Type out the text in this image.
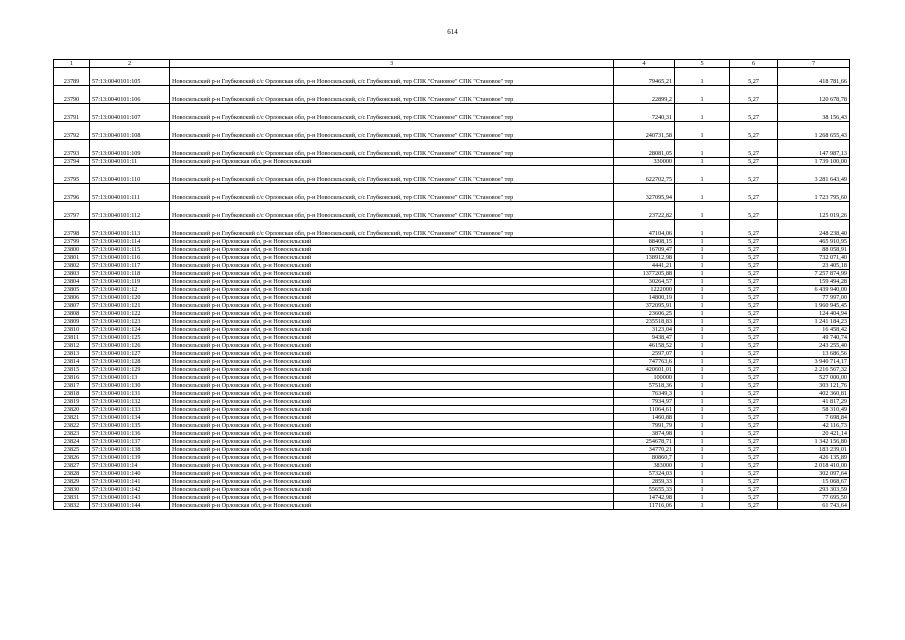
614
1	2	3	4	5	6	7
23789	57:13:0040101:105	Новосильский р-н Глубковский с/с Орловская обл, р-н Новосильский, с/с Глубковский, тер СПК "Становое" СПК "Становое" тер	79465,21	1	5,27	418 781,66
23790	57:13:0040101:106	Новосильский р-н Глубковский с/с Орловская обл, р-н Новосильский, с/с Глубковский, тер СПК "Становое" СПК "Становое" тер	22899,2	1	5,27	120 678,78
23791	57:13:0040101:107	Новосильский р-н Глубковский с/с Орловская обл, р-н Новосильский, с/с Глубковский, тер СПК "Становое" СПК "Становое" тер	7240,31	1	5,27	38 156,43
23792	57:13:0040101:108	Новосильский р-н Глубковский с/с Орловская обл, р-н Новосильский, с/с Глубковский, тер СПК "Становое" СПК "Становое" тер	240731,58	1	5,27	1 268 655,43
23793	57:13:0040101:109	Новосильский р-н Глубковский с/с Орловская обл, р-н Новосильский, с/с Глубковский, тер СПК "Становое" СПК "Становое" тер	28081,05	1	5,27	147 987,13
23794	57:13:0040101:11	Новосильский р-н Орловская обл, р-н Новосильский	330000	1	5,27	1 739 100,00
23795	57:13:0040101:110	Новосильский р-н Глубковский с/с Орловская обл, р-н Новосильский, с/с Глубковский, тер СПК "Становое" СПК "Становое" тер	622702,75	1	5,27	3 281 643,49
23796	57:13:0040101:111	Новосильский р-н Глубковский с/с Орловская обл, р-н Новосильский, с/с Глубковский, тер СПК "Становое" СПК "Становое" тер	327095,94	1	5,27	1 723 795,60
23797	57:13:0040101:112	Новосильский р-н Глубковский с/с Орловская обл, р-н Новосильский, с/с Глубковский, тер СПК "Становое" СПК "Становое" тер	23722,82	1	5,27	125 019,26
23798	57:13:0040101:113	Новосильский р-н Глубковский с/с Орловская обл, р-н Новосильский, с/с Глубковский, тер СПК "Становое" СПК "Становое" тер	47104,06	1	5,27	248 238,40
23799	57:13:0040101:114	Новосильский р-н Орловская обл, р-н Новосильский	88408,15	1	5,27	465 910,95
23800	57:13:0040101:115	Новосильский р-н Орловская обл, р-н Новосильский	16709,47	1	5,27	88 058,91
23801	57:13:0040101:116	Новосильский р-н Орловская обл, р-н Новосильский	138912,98	1	5,27	732 071,40
23802	57:13:0040101:117	Новосильский р-н Орловская обл, р-н Новосильский	4441,21	1	5,27	23 405,18
23803	57:13:0040101:118	Новосильский р-н Орловская обл, р-н Новосильский	1377205,88	1	5,27	7 257 874,99
23804	57:13:0040101:119	Новосильский р-н Орловская обл, р-н Новосильский	30264,57	1	5,27	159 494,28
23805	57:13:0040101:12	Новосильский р-н Орловская обл, р-н Новосильский	1222000	1	5,27	6 439 940,00
23806	57:13:0040101:120	Новосильский р-н Орловская обл, р-н Новосильский	14800,19	1	5,27	77 997,00
23807	57:13:0040101:121	Новосильский р-н Орловская обл, р-н Новосильский	372095,91	1	5,27	1 960 945,45
23808	57:13:0040101:122	Новосильский р-н Орловская обл, р-н Новосильский	23606,25	1	5,27	124 404,94
23809	57:13:0040101:123	Новосильский р-н Орловская обл, р-н Новосильский	235518,83	1	5,27	1 241 184,23
23810	57:13:0040101:124	Новосильский р-н Орловская обл, р-н Новосильский	3123,04	1	5,27	16 458,42
23811	57:13:0040101:125	Новосильский р-н Орловская обл, р-н Новосильский	9438,47	1	5,27	49 740,74
23812	57:13:0040101:126	Новосильский р-н Орловская обл, р-н Новосильский	46158,52	1	5,27	243 255,40
23813	57:13:0040101:127	Новосильский р-н Орловская обл, р-н Новосильский	2597,07	1	5,27	13 686,56
23814	57:13:0040101:128	Новосильский р-н Орловская обл, р-н Новосильский	747763,6	1	5,27	3 940 714,17
23815	57:13:0040101:129	Новосильский р-н Орловская обл, р-н Новосильский	420601,01	1	5,27	2 216 567,32
23816	57:13:0040101:13	Новосильский р-н Орловская обл, р-н Новосильский	100000	1	5,27	527 000,00
23817	57:13:0040101:130	Новосильский р-н Орловская обл, р-н Новосильский	57518,36	1	5,27	303 121,76
23818	57:13:0040101:131	Новосильский р-н Орловская обл, р-н Новосильский	76349,3	1	5,27	402 360,81
23819	57:13:0040101:132	Новосильский р-н Орловская обл, р-н Новосильский	7934,97	1	5,27	41 817,29
23820	57:13:0040101:133	Новосильский р-н Орловская обл, р-н Новосильский	11064,61	1	5,27	58 310,49
23821	57:13:0040101:134	Новосильский р-н Орловская обл, р-н Новосильский	1460,88	1	5,27	7 698,84
23822	57:13:0040101:135	Новосильский р-н Орловская обл, р-н Новосильский	7991,79	1	5,27	42 116,73
23823	57:13:0040101:136	Новосильский р-н Орловская обл, р-н Новосильский	3874,98	1	5,27	20 421,14
23824	57:13:0040101:137	Новосильский р-н Орловская обл, р-н Новосильский	254678,71	1	5,27	1 342 156,80
23825	57:13:0040101:138	Новосильский р-н Орловская обл, р-н Новосильский	34770,21	1	5,27	183 239,01
23826	57:13:0040101:139	Новосильский р-н Орловская обл, р-н Новосильский	80860,7	1	5,27	426 135,89
23827	57:13:0040101:14	Новосильский р-н Орловская обл, р-н Новосильский	383000	1	5,27	2 018 410,00
23828	57:13:0040101:140	Новосильский р-н Орловская обл, р-н Новосильский	57324,03	1	5,27	302 097,64
23829	57:13:0040101:141	Новосильский р-н Орловская обл, р-н Новосильский	2859,33	1	5,27	15 068,67
23830	57:13:0040101:142	Новосильский р-н Орловская обл, р-н Новосильский	55655,33	1	5,27	293 303,59
23831	57:13:0040101:143	Новосильский р-н Орловская обл, р-н Новосильский	14742,98	1	5,27	77 695,50
23832	57:13:0040101:144	Новосильский р-н Орловская обл, р-н Новосильский	11716,06	1	5,27	61 743,64
